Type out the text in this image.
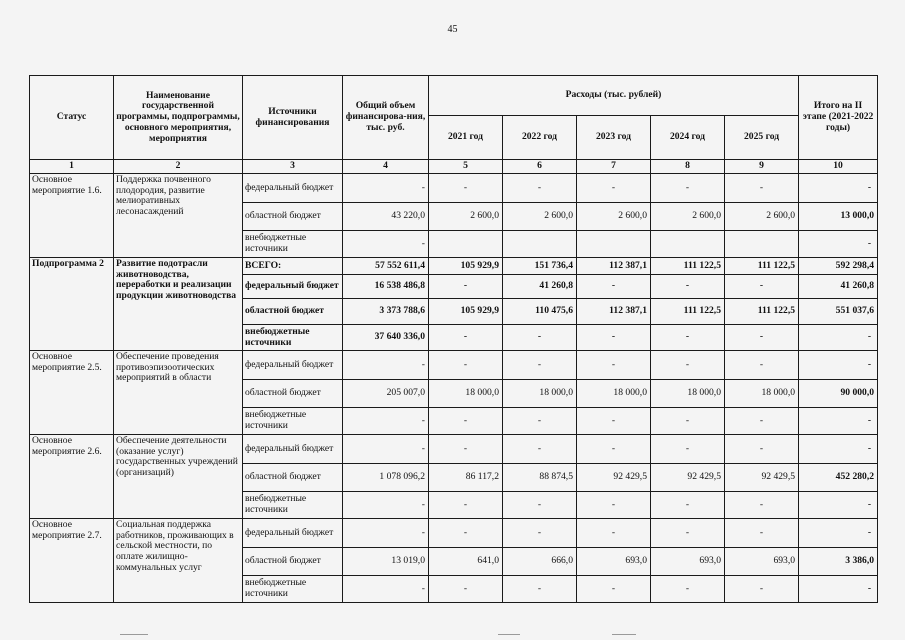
45
Статус	Наименование государственной программы, подпрограммы, основного мероприятия, мероприятия	Источники финансирования	Общий объем финансирова-ния, тыс. руб.	Расходы (тыс. рублей)					Итого на II этапе (2021-2022 годы)
				2021 год	2022 год	2023 год	2024 год	2025 год	
1	2	3	4	5	6	7	8	9	10
Основное мероприятие 1.6.	Поддержка почвенного плодородия, развитие мелиоративных лесонасаждений	федеральный бюджет	-	-	-	-	-	-	-
		областной бюджет	43 220,0	2 600,0	2 600,0	2 600,0	2 600,0	2 600,0	13 000,0
		внебюджетные источники	-						-
Подпрограмма 2	Развитие подотрасли животноводства, переработки и реализации продукции животноводства	ВСЕГО:	57 552 611,4	105 929,9	151 736,4	112 387,1	111 122,5	111 122,5	592 298,4
		федеральный бюджет	16 538 486,8	-	41 260,8	-	-	-	41 260,8
		областной бюджет	3 373 788,6	105 929,9	110 475,6	112 387,1	111 122,5	111 122,5	551 037,6
		внебюджетные источники	37 640 336,0	-	-	-	-	-	-
Основное мероприятие 2.5.	Обеспечение проведения противоэпизоотических мероприятий в области	федеральный бюджет	-	-	-	-	-	-	-
		областной бюджет	205 007,0	18 000,0	18 000,0	18 000,0	18 000,0	18 000,0	90 000,0
		внебюджетные источники	-	-	-	-	-	-	-
Основное мероприятие 2.6.	Обеспечение деятельности (оказание услуг) государственных учреждений (организаций)	федеральный бюджет	-	-	-	-	-	-	-
		областной бюджет	1 078 096,2	86 117,2	88 874,5	92 429,5	92 429,5	92 429,5	452 280,2
		внебюджетные источники	-	-	-	-	-	-	-
Основное мероприятие 2.7.	Социальная поддержка работников, проживающих в сельской местности, по оплате жилищно-коммунальных услуг	федеральный бюджет	-	-	-	-	-	-	-
		областной бюджет	13 019,0	641,0	666,0	693,0	693,0	693,0	3 386,0
		внебюджетные источники	-	-	-	-	-	-	-
